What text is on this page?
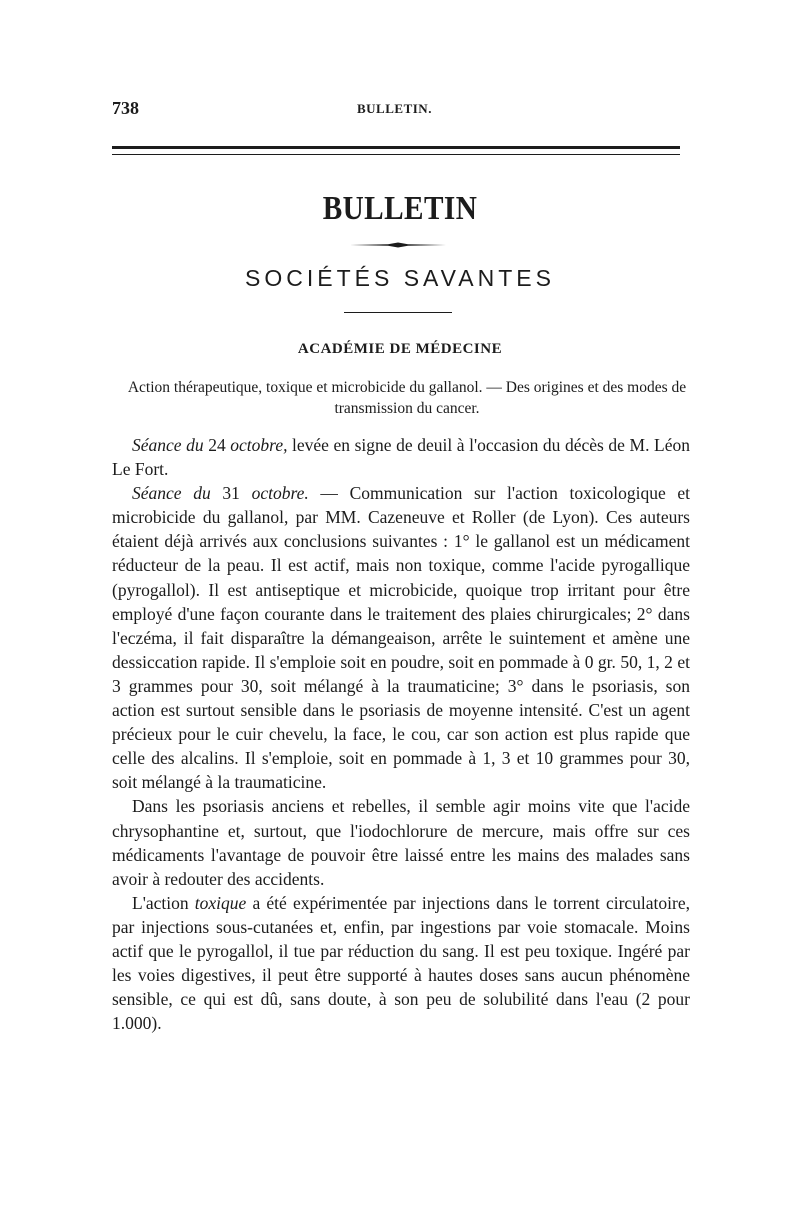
738	BULLETIN.
BULLETIN
SOCIÉTÉS SAVANTES
ACADÉMIE DE MÉDECINE
Action thérapeutique, toxique et microbicide du gallanol. — Des origines et des modes de transmission du cancer.

Séance du 24 octobre, levée en signe de deuil à l'occasion du décès de M. Léon Le Fort.

Séance du 31 octobre. — Communication sur l'action toxicologique et microbicide du gallanol, par MM. Cazeneuve et Roller (de Lyon). Ces auteurs étaient déjà arrivés aux conclusions suivantes : 1° le gallanol est un médicament réducteur de la peau. Il est actif, mais non toxique, comme l'acide pyrogallique (pyrogallol). Il est antiseptique et microbicide, quoique trop irritant pour être employé d'une façon courante dans le traitement des plaies chirurgicales; 2° dans l'eczéma, il fait disparaître la démangeaison, arrête le suintement et amène une dessiccation rapide. Il s'emploie soit en poudre, soit en pommade à 0 gr. 50, 1, 2 et 3 grammes pour 30, soit mélangé à la traumaticine; 3° dans le psoriasis, son action est surtout sensible dans le psoriasis de moyenne intensité. C'est un agent précieux pour le cuir chevelu, la face, le cou, car son action est plus rapide que celle des alcalins. Il s'emploie, soit en pommade à 1, 3 et 10 grammes pour 30, soit mélangé à la traumaticine.

Dans les psoriasis anciens et rebelles, il semble agir moins vite que l'acide chrysophantine et, surtout, que l'iodochlorure de mercure, mais offre sur ces médicaments l'avantage de pouvoir être laissé entre les mains des malades sans avoir à redouter des accidents.

L'action toxique a été expérimentée par injections dans le torrent circulatoire, par injections sous-cutanées et, enfin, par ingestions par voie stomacale. Moins actif que le pyrogallol, il tue par réduction du sang. Il est peu toxique. Ingéré par les voies digestives, il peut être supporté à hautes doses sans aucun phénomène sensible, ce qui est dû, sans doute, à son peu de solubilité dans l'eau (2 pour 1.000).
